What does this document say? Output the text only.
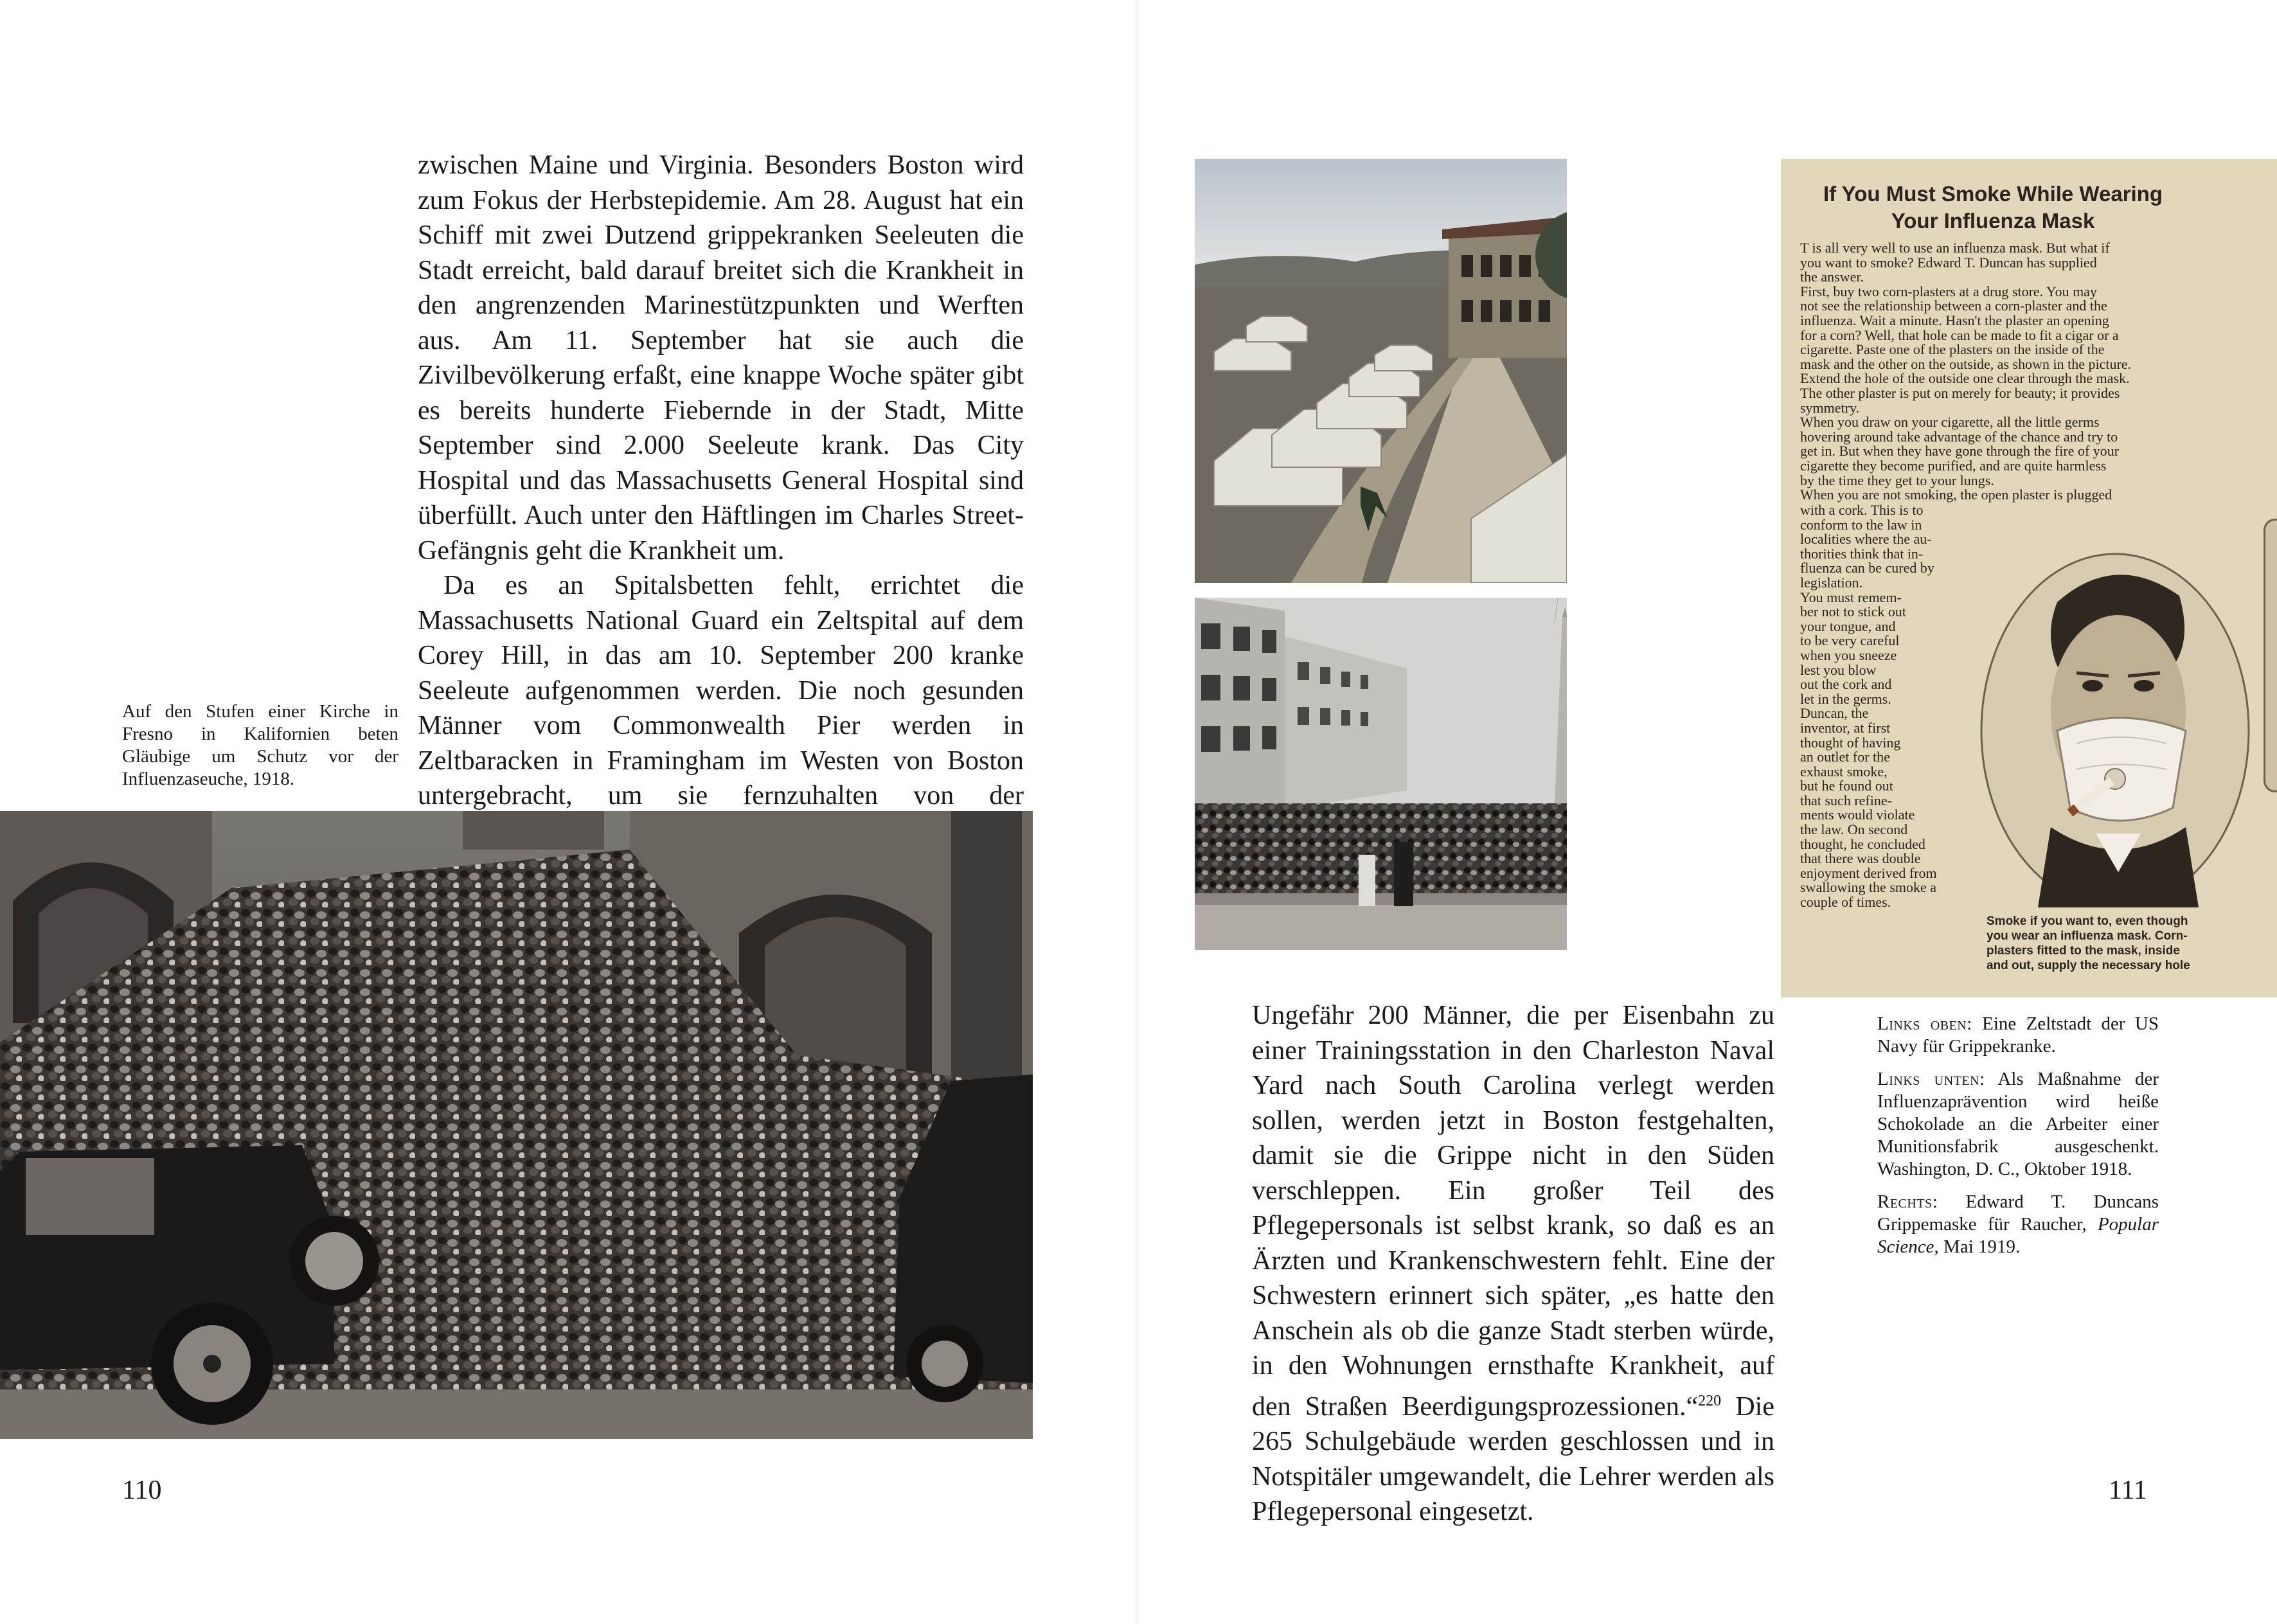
zwischen Maine und Virginia. Besonders Boston wird zum Fokus der Herbstepidemie. Am 28. August hat ein Schiff mit zwei Dutzend grippekranken Seeleuten die Stadt erreicht, bald darauf breitet sich die Krankheit in den angrenzenden Marinestützpunkten und Werften aus. Am 11. September hat sie auch die Zivilbevölkerung erfaßt, eine knappe Woche später gibt es bereits hunderte Fiebernde in der Stadt, Mitte September sind 2.000 Seeleute krank. Das City Hospital und das Massachusetts General Hospital sind überfüllt. Auch unter den Häftlingen im Charles Street-Gefängnis geht die Krankheit um.

Da es an Spitalsbetten fehlt, errichtet die Massachusetts National Guard ein Zeltspital auf dem Corey Hill, in das am 10. September 200 kranke Seeleute aufgenommen werden. Die noch gesunden Männer vom Commonwealth Pier werden in Zeltbaracken in Framingham im Westen von Boston untergebracht, um sie fernzuhalten von der

Auf den Stufen einer Kirche in Fresno in Kalifornien beten Gläubige um Schutz vor der Influenzaseuche, 1918.

110
If You Must Smoke While Wearing
Your Influenza Mask
T is all very well to use an influenza mask. But what if
you want to smoke? Edward T. Duncan has supplied
the answer.
First, buy two corn-plasters at a drug store. You may
not see the relationship between a corn-plaster and the
influenza. Wait a minute. Hasn't the plaster an opening
for a corn? Well, that hole can be made to fit a cigar or a
cigarette. Paste one of the plasters on the inside of the
mask and the other on the outside, as shown in the picture.
Extend the hole of the outside one clear through the mask.
The other plaster is put on merely for beauty; it provides
symmetry.
When you draw on your cigarette, all the little germs
hovering around take advantage of the chance and try to
get in. But when they have gone through the fire of your
cigarette they become purified, and are quite harmless
by the time they get to your lungs.
When you are not smoking, the open plaster is plugged
with a cork. This is to
conform to the law in
localities where the au-
thorities think that in-
fluenza can be cured by
legislation.
You must remem-
ber not to stick out
your tongue, and
to be very careful
when you sneeze
lest you blow
out the cork and
let in the germs.
Duncan, the
inventor, at first
thought of having
an outlet for the
exhaust smoke,
but he found out
that such refine-
ments would violate
the law. On second
thought, he concluded
that there was double
enjoyment derived from
swallowing the smoke a
couple of times.
Smoke if you want to, even though
you wear an influenza mask. Corn-
plasters fitted to the mask, inside
and out, supply the necessary hole

Ungefähr 200 Männer, die per Eisenbahn zu einer Trainingsstation in den Charleston Naval Yard nach South Carolina verlegt werden sollen, werden jetzt in Boston festgehalten, damit sie die Grippe nicht in den Süden verschleppen. Ein großer Teil des Pflegepersonals ist selbst krank, so daß es an Ärzten und Krankenschwestern fehlt. Eine der Schwestern erinnert sich später, „es hatte den Anschein als ob die ganze Stadt sterben würde, in den Wohnungen ernsthafte Krankheit, auf den Straßen Beerdigungsprozessionen.“$^{220}$ Die 265 Schulgebäude werden geschlossen und in Notspitäler umgewandelt, die Lehrer werden als Pflegepersonal eingesetzt.

Links oben: Eine Zeltstadt der US Navy für Grippekranke.

Links unten: Als Maßnahme der Influenzaprävention wird heiße Schokolade an die Arbeiter einer Munitionsfabrik ausgeschenkt. Washington, D. C., Oktober 1918.

Rechts: Edward T. Duncans Grippemaske für Raucher, Popular Science, Mai 1919.

111
